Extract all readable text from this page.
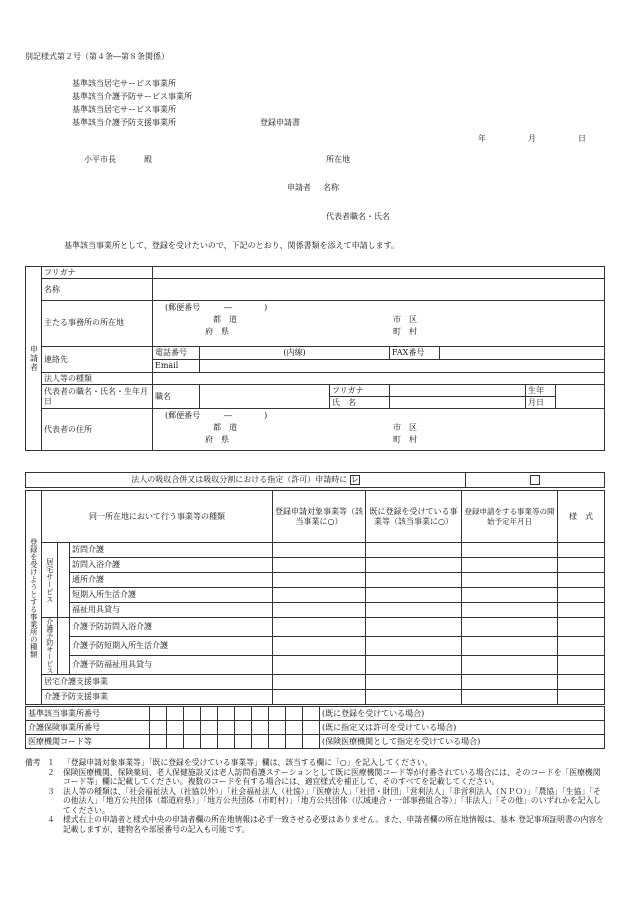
別記様式第２号（第４条―第８条関係）
基準該当居宅サービス事業所
基準該当介護予防サービス事業所
基準該当居宅サービス事業所
基準該当介護予防支援事業所	登録申請書
年	月	日
小平市長	殿	所在地
申請者 名称
代表者職名・氏名
基準該当事業所として、登録を受けたいので、下記のとおり、関係書類を添えて申請します。
申請者	フリガナ							
	名称							
	主たる事務所の所在地	(郵便番号　　　―　　　　)
都　道
府　県
市　区
町　村						

	連絡先	電話番号	(内線)		FAX番号			
		Email						
	法人等の種類							
	代表者の職名・氏名・生年月日	職名		フリガナ			生年	
				氏　名			月日	
	代表者の住所	(郵便番号　　　―　　　　)
都　道
府　県
市　区
町　村						
法人の吸収合併又は吸収分割における指定（許可）申請時に レ	
登録を受けようとする事業所の種類	同一所在地において行う事業等の種類			登録申請対象事業等（該当事業に○）	既に登録を受けている事業等（該当事業に○）	登録申請をする事業等の開始予定年月日	様　式
	居宅サービス		訪問介護				
			訪問入浴介護				
			通所介護				
			短期入所生活介護				
			福祉用具貸与				
	介護予防サービス		介護予防訪問入浴介護				
			介護予防短期入所生活介護				
			介護予防福祉用具貸与				
	居宅介護支援事業						
	介護予防支援事業						
基準該当事業所番号											(既に登録を受けている場合)
介護保険事業所番号											(既に指定又は許可を受けている場合)
医療機関コード等											(保険医療機関として指定を受けている場合)
備考 １	「登録申請対象事業等」「既に登録を受けている事業等」欄は、該当する欄に「○」を記入してください。
２	保険医療機関、保険薬局、老人保健施設又は老人訪問看護ステーションとして既に医療機関コード等が付番されている場合には、そのコードを「医療機関コード等」欄に記載してください。複数のコードを有する場合には、適宜様式を補正して、そのすべてを記載してください。
３	法人等の種類は、「社会福祉法人（社協以外）」「社会福祉法人（社協）」「医療法人」「社団・財団」「営利法人」「非営利法人（ＮＰＯ）」「農協」「生協」「その他法人」「地方公共団体（都道府県）」「地方公共団体（市町村）」「地方公共団体（広域連合・一部事務組合等）」「非法人」「その他」のいずれかを記入してください。
４	様式右上の申請者と様式中央の申請者欄の所在地情報は必ず一致させる必要はありません。また、申請者欄の所在地情報は、基本 登記事項証明書の内容を記載しますが、建物名や部屋番号の記入も可能です。
